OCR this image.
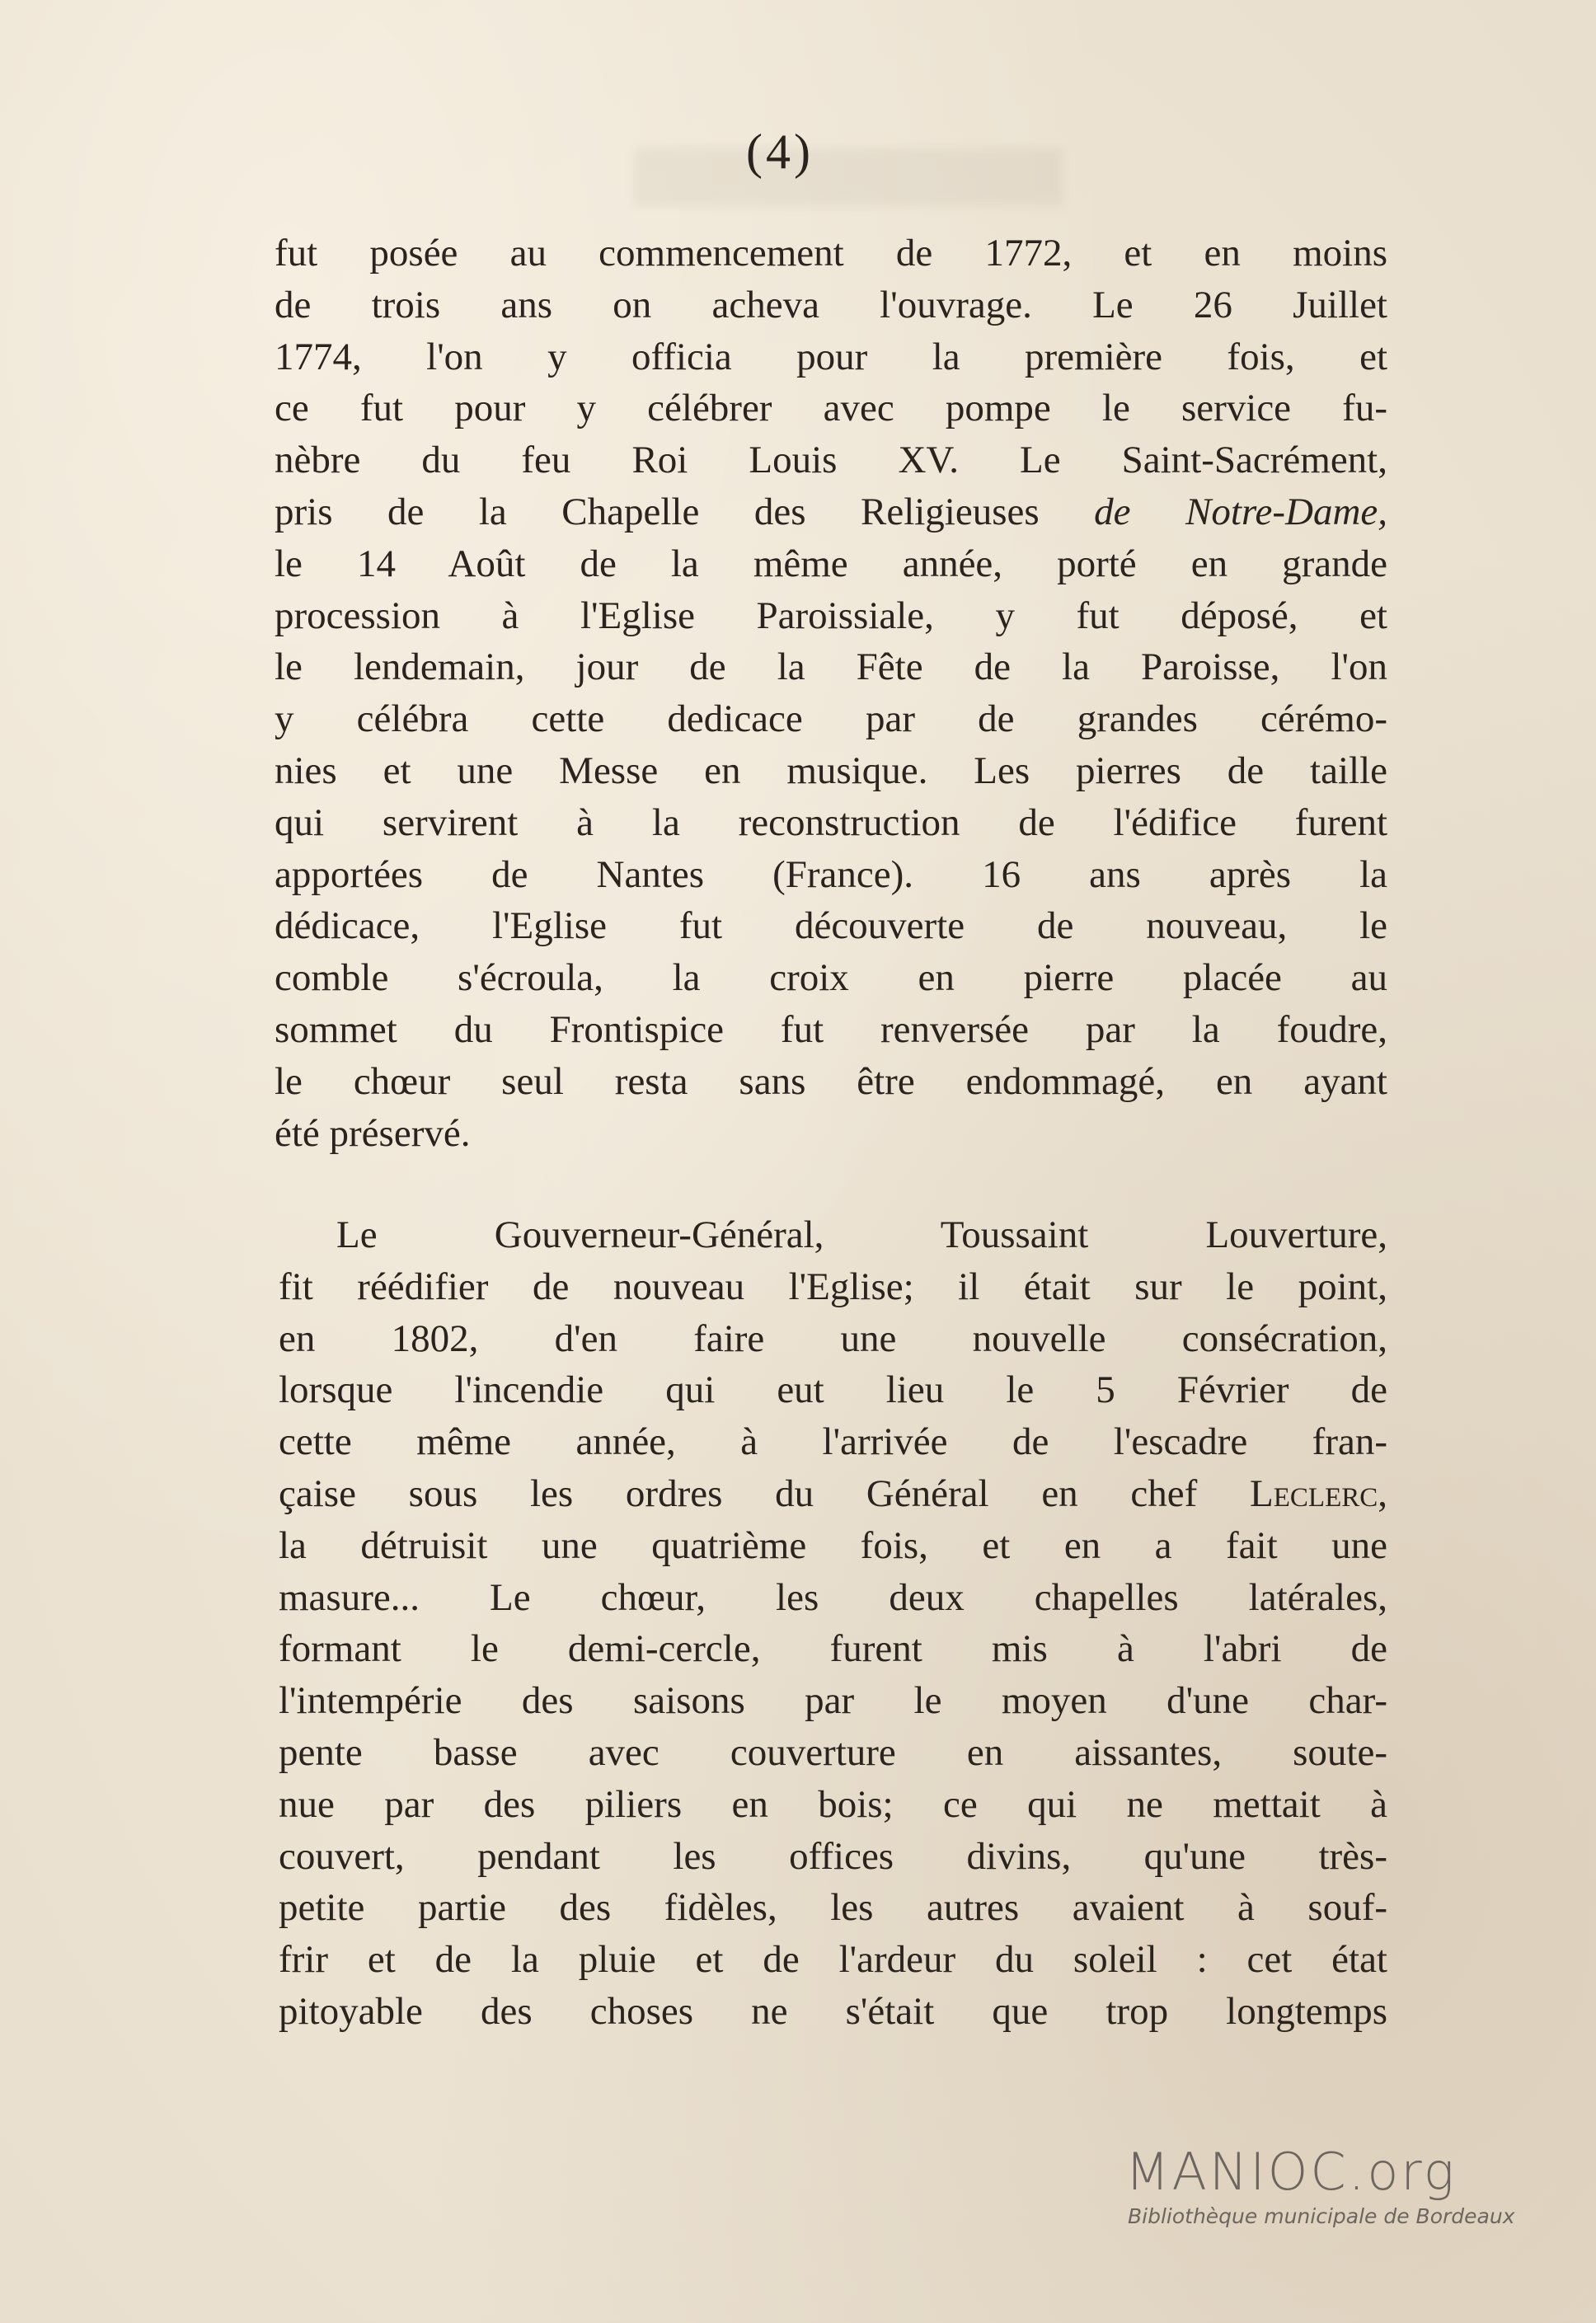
(4)
fut posée au commencement de 1772, et en moins
de trois ans on acheva l'ouvrage. Le 26 Juillet
1774, l'on y officia pour la première fois, et
ce fut pour y célébrer avec pompe le service fu-
nèbre du feu Roi Louis XV. Le Saint-Sacrément,
pris de la Chapelle des Religieuses de Notre-Dame,
le 14 Août de la même année, porté en grande
procession à l'Eglise Paroissiale, y fut déposé, et
le lendemain, jour de la Fête de la Paroisse, l'on
y célébra cette dedicace par de grandes cérémo-
nies et une Messe en musique. Les pierres de taille
qui servirent à la reconstruction de l'édifice furent
apportées de Nantes (France). 16 ans après la
dédicace, l'Eglise fut découverte de nouveau, le
comble s'écroula, la croix en pierre placée au
sommet du Frontispice fut renversée par la foudre,
le chœur seul resta sans être endommagé, en ayant
été préservé.
Le Gouverneur-Général, Toussaint Louverture,
fit réédifier de nouveau l'Eglise; il était sur le point,
en 1802, d'en faire une nouvelle consécration,
lorsque l'incendie qui eut lieu le 5 Février de
cette même année, à l'arrivée de l'escadre fran-
çaise sous les ordres du Général en chef Leclerc,
la détruisit une quatrième fois, et en a fait une
masure... Le chœur, les deux chapelles latérales,
formant le demi-cercle, furent mis à l'abri de
l'intempérie des saisons par le moyen d'une char-
pente basse avec couverture en aissantes, soute-
nue par des piliers en bois; ce qui ne mettait à
couvert, pendant les offices divins, qu'une très-
petite partie des fidèles, les autres avaient à souf-
frir et de la pluie et de l'ardeur du soleil : cet état
pitoyable des choses ne s'était que trop longtemps
MANIOC.org
Bibliothèque municipale de Bordeaux
